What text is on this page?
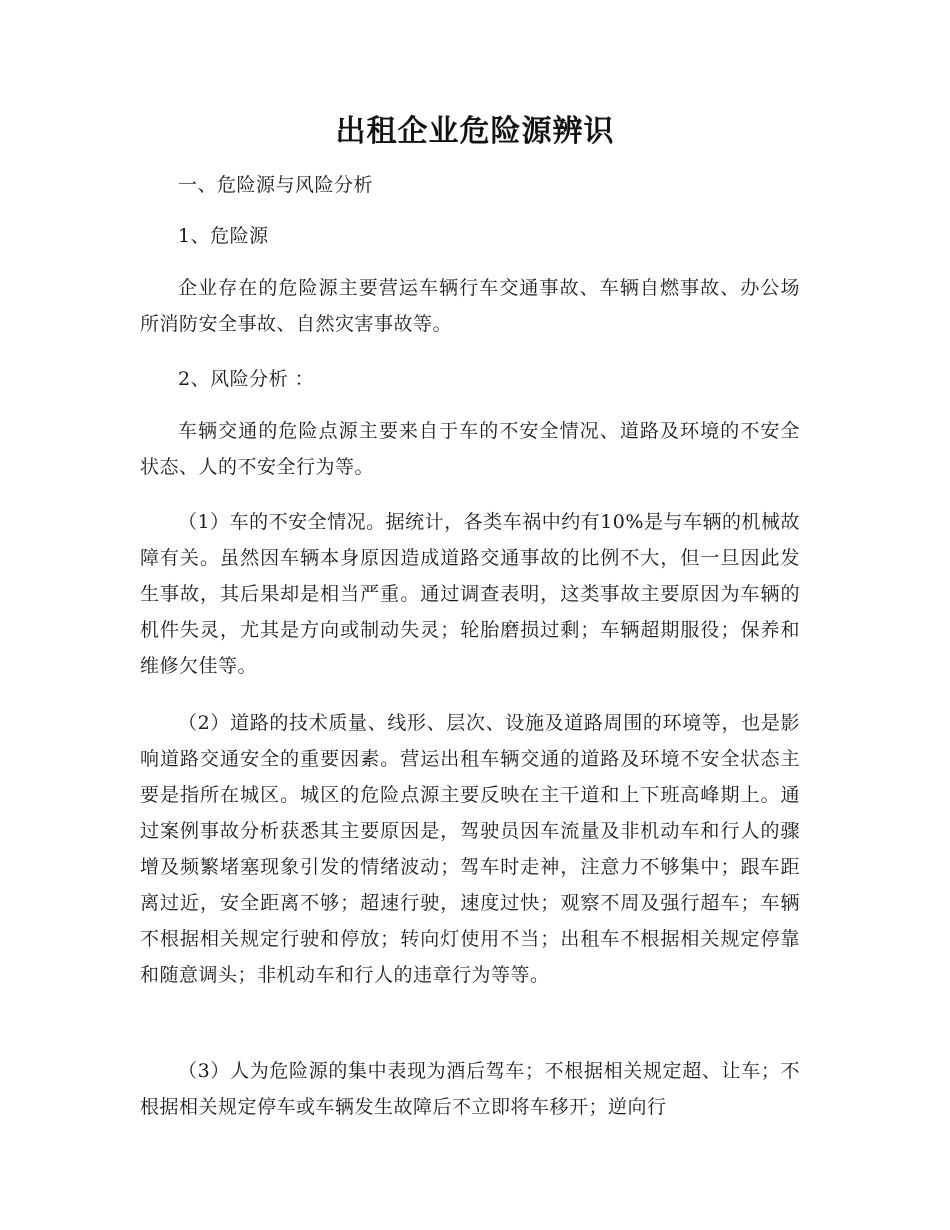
出租企业危险源辨识

一、危险源与风险分析

1、危险源

企业存在的危险源主要营运车辆行车交通事故、车辆自燃事故、办公场所消防安全事故、自然灾害事故等。

2、风险分析 ：

车辆交通的危险点源主要来自于车的不安全情况、道路及环境的不安全状态、人的不安全行为等。

（1）车的不安全情况。据统计，各类车祸中约有10%是与车辆的机械故障有关。虽然因车辆本身原因造成道路交通事故的比例不大，但一旦因此发生事故，其后果却是相当严重。通过调查表明，这类事故主要原因为车辆的机件失灵，尤其是方向或制动失灵；轮胎磨损过剩；车辆超期服役；保养和维修欠佳等。

（2）道路的技术质量、线形、层次、设施及道路周围的环境等，也是影响道路交通安全的重要因素。营运出租车辆交通的道路及环境不安全状态主要是指所在城区。城区的危险点源主要反映在主干道和上下班高峰期上。通过案例事故分析获悉其主要原因是，驾驶员因车流量及非机动车和行人的骤增及频繁堵塞现象引发的情绪波动；驾车时走神，注意力不够集中；跟车距离过近，安全距离不够；超速行驶，速度过快；观察不周及强行超车；车辆不根据相关规定行驶和停放；转向灯使用不当；出租车不根据相关规定停靠和随意调头；非机动车和行人的违章行为等等。

（3）人为危险源的集中表现为酒后驾车；不根据相关规定超、让车；不根据相关规定停车或车辆发生故障后不立即将车移开；逆向行
